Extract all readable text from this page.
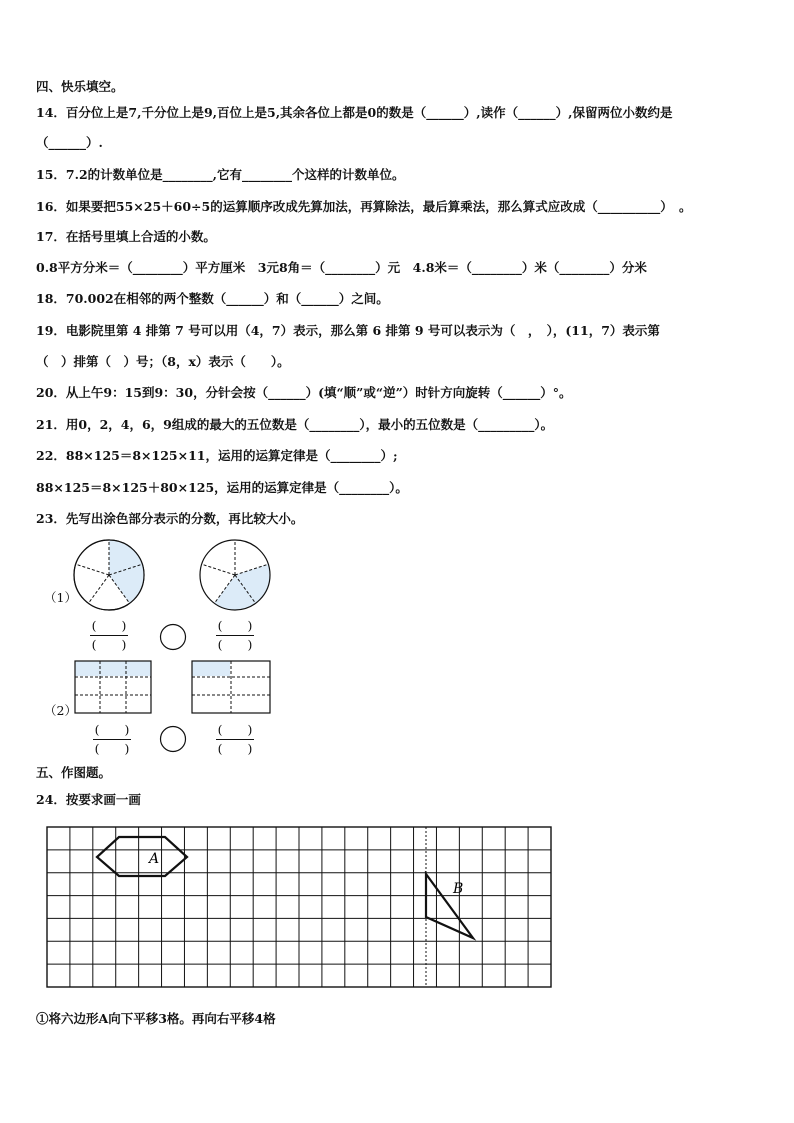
四、快乐填空。
14．百分位上是7,千分位上是9,百位上是5,其余各位上都是0的数是（______）,读作（______）,保留两位小数约是
（______）.
15．7.2的计数单位是________,它有________个这样的计数单位。
16．如果要把55×25＋60÷5的运算顺序改成先算加法，再算除法，最后算乘法，那么算式应改成（__________）　。
17．在括号里填上合适的小数。
0.8平方分米＝（________）平方厘米　3元8角＝（________）元　4.8米＝（________）米（________）分米
18．70.002在相邻的两个整数（______）和（______）之间。
19．电影院里第 4 排第 7 号可以用（4，7）表示，那么第 6 排第 9 号可以表示为（　，　），(11，7）表示第
（　）排第（　）号；（8，x）表示（　　）。
20．从上午9：15到9：30，分针会按（______）(填“顺”或“逆”）时针方向旋转（______）°。
21．用0，2，4，6，9组成的最大的五位数是（________），最小的五位数是（_________）。
22．88×125＝8×125×11，运用的运算定律是（________）;
88×125＝8×125＋80×125，运用的运算定律是（________）。
23．先写出涂色部分表示的分数，再比较大小。
（1）
（2）
(　　)
(　　)
(　　)
(　　)
(　　)
(　　)
(　　)
(　　)
五、作图题。
24．按要求画一画
A
B
①将六边形A向下平移3格。再向右平移4格
